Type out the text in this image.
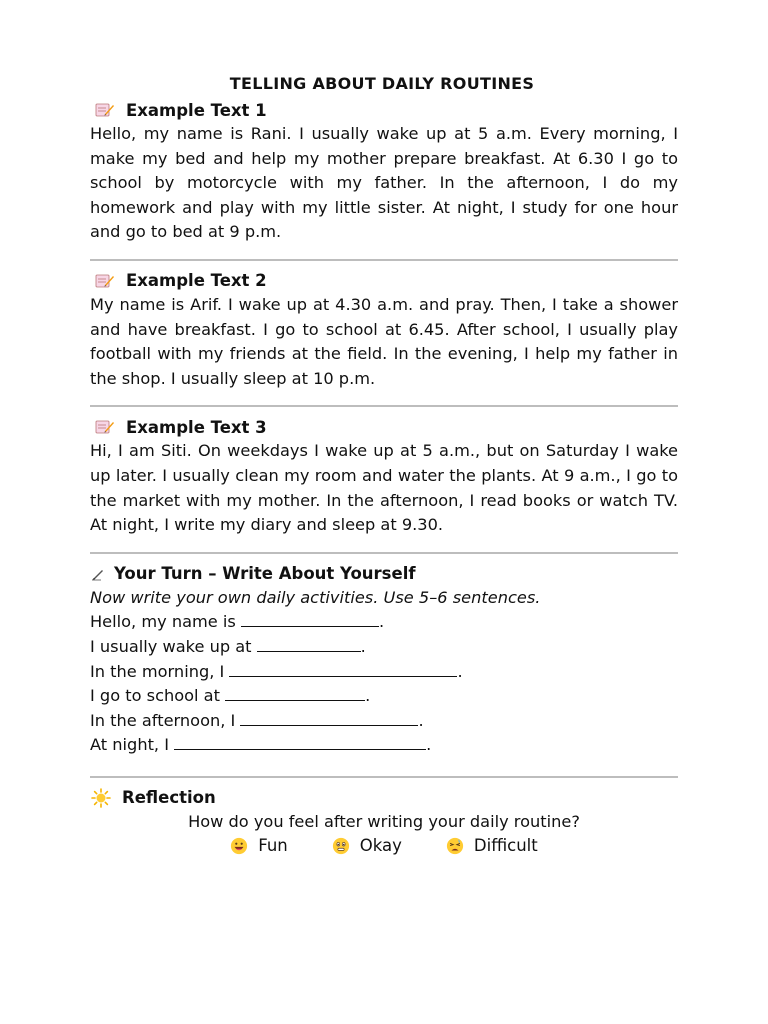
TELLING ABOUT DAILY ROUTINES
Example Text 1
Hello, my name is Rani. I usually wake up at 5 a.m. Every morning, I make my bed and help my mother prepare breakfast. At 6.30 I go to school by motorcycle with my father. In the afternoon, I do my homework and play with my little sister. At night, I study for one hour and go to bed at 9 p.m.
Example Text 2
My name is Arif. I wake up at 4.30 a.m. and pray. Then, I take a shower and have breakfast. I go to school at 6.45. After school, I usually play football with my friends at the field. In the evening, I help my father in the shop. I usually sleep at 10 p.m.
Example Text 3
Hi, I am Siti. On weekdays I wake up at 5 a.m., but on Saturday I wake up later. I usually clean my room and water the plants. At 9 a.m., I go to the market with my mother. In the afternoon, I read books or watch TV. At night, I write my diary and sleep at 9.30.
Your Turn – Write About Yourself
Now write your own daily activities. Use 5–6 sentences.
Hello, my name is	.
I usually wake up at	.
In the morning, I	.
I go to school at	.
In the afternoon, I	.
At night, I	.
Reflection
How do you feel after writing your daily routine?
Fun	Okay	Difficult
